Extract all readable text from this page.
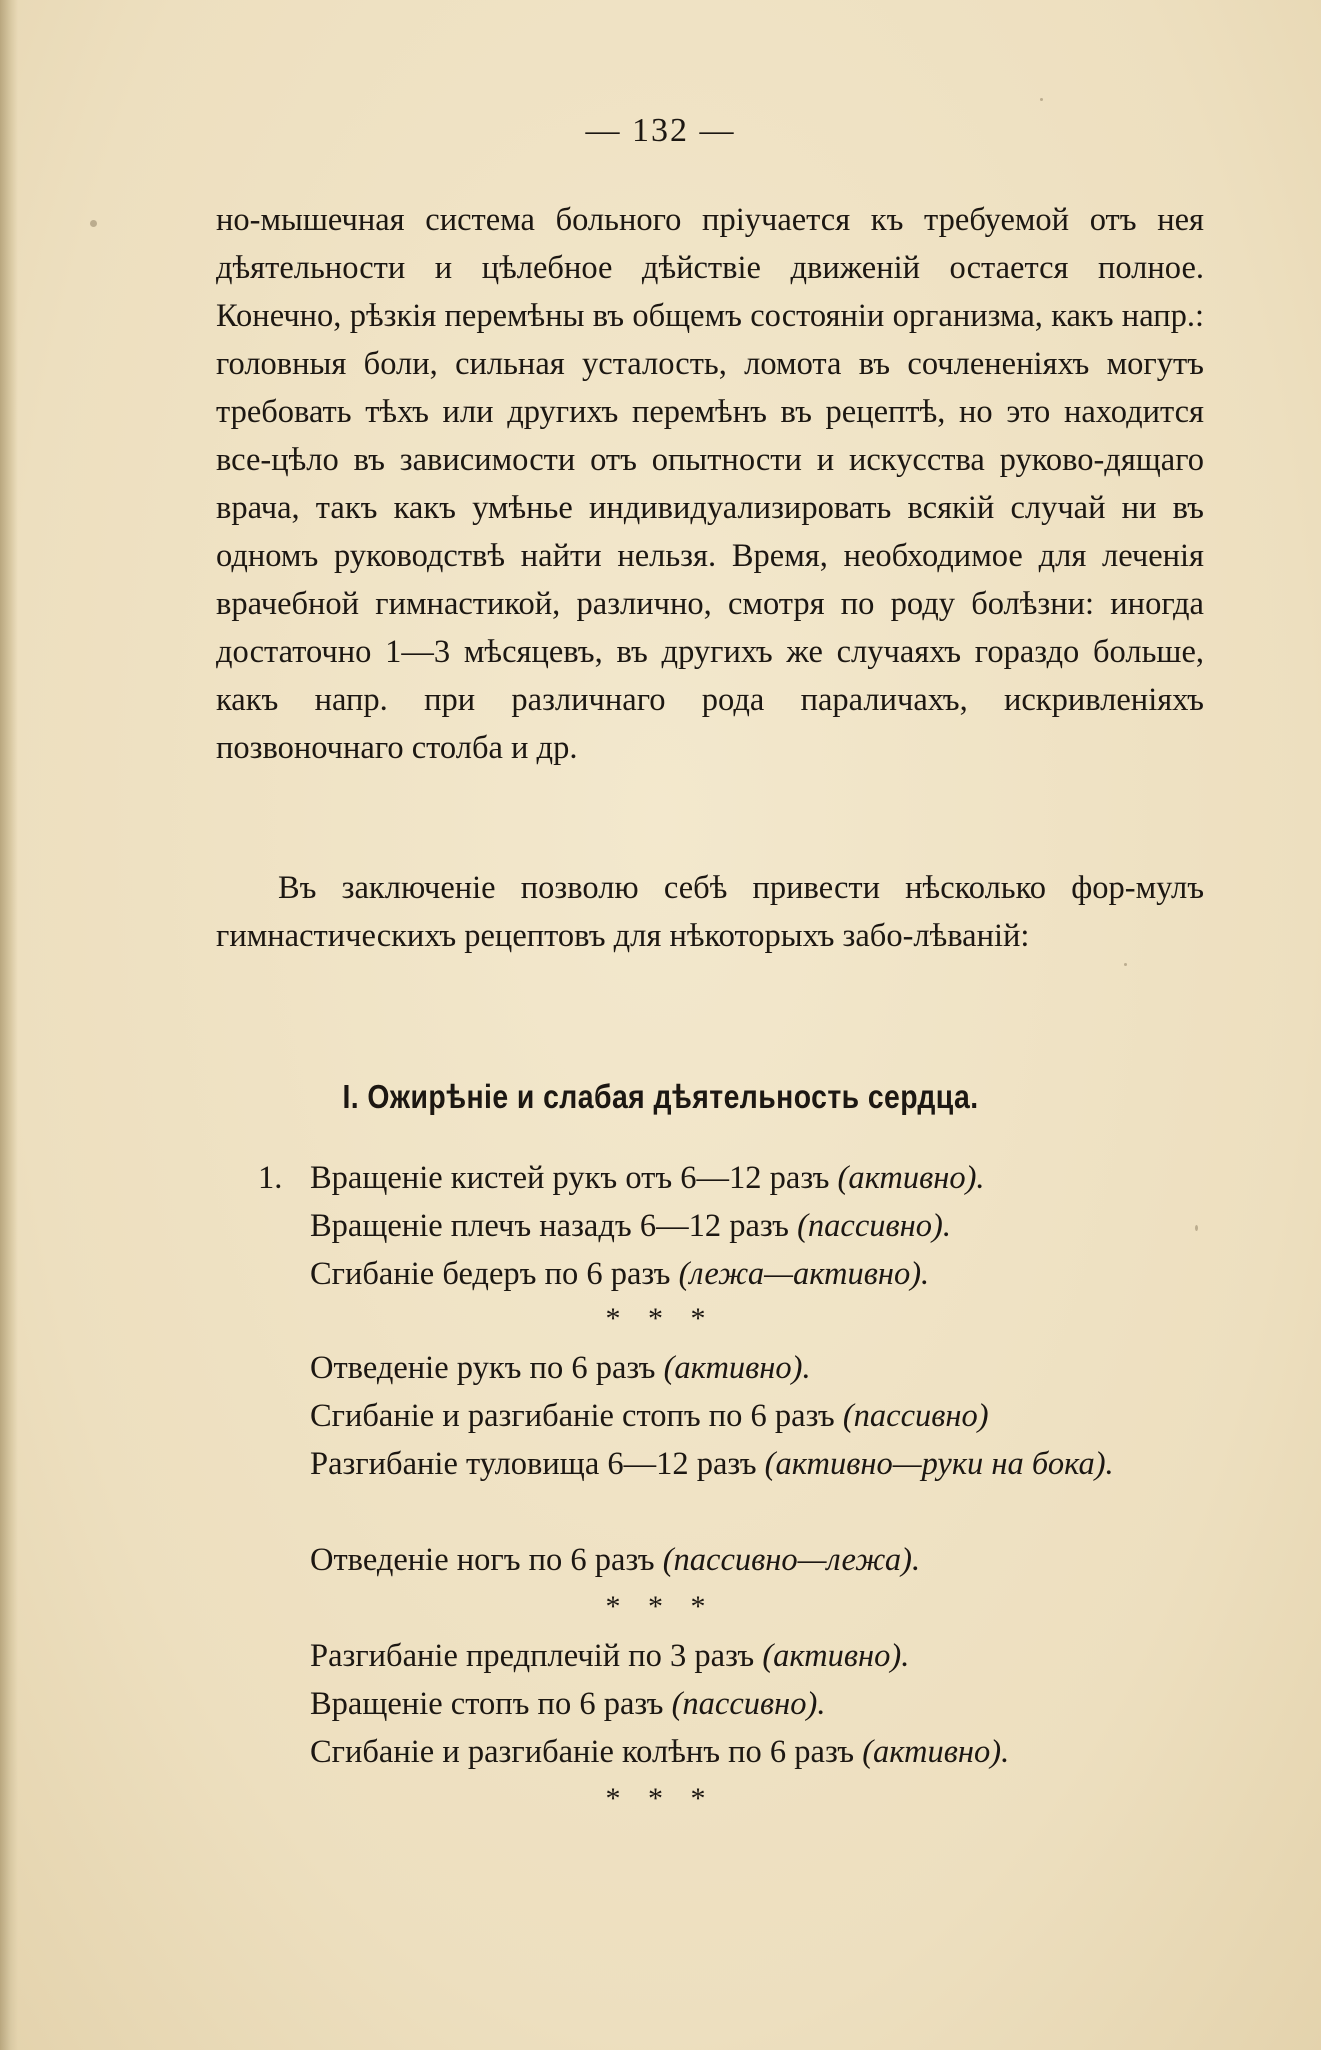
— 132 —

но-мышечная система больного пріучается къ требуемой отъ нея дѣятельности и цѣлебное дѣйствіе движеній остается полное. Конечно, рѣзкія перемѣны въ общемъ состояніи организма, какъ напр.: головныя боли, сильная усталость, ломота въ сочлененіяхъ могутъ требовать тѣхъ или другихъ перемѣнъ въ рецептѣ, но это находится все-цѣло въ зависимости отъ опытности и искусства руково-дящаго врача, такъ какъ умѣнье индивидуализировать всякій случай ни въ одномъ руководствѣ найти нельзя. Время, необходимое для леченія врачебной гимнастикой, различно, смотря по роду болѣзни: иногда достаточно 1—3 мѣсяцевъ, въ другихъ же случаяхъ гораздо больше, какъ напр. при различнаго рода параличахъ, искривленіяхъ позвоночнаго столба и др.

Въ заключеніе позволю себѣ привести нѣсколько фор-мулъ гимнастическихъ рецептовъ для нѣкоторыхъ забо-лѣваній:

I. Ожирѣніе и слабая дѣятельность сердца.
1. Вращеніе кистей рукъ отъ 6—12 разъ (активно).

Вращеніе плечъ назадъ 6—12 разъ (пассивно).

Сгибаніе бедеръ по 6 разъ (лежа—активно).

* * *

Отведеніе рукъ по 6 разъ (активно).

Сгибаніе и разгибаніе стопъ по 6 разъ (пассивно)

Разгибаніе туловища 6—12 разъ (активно—руки на бока).

Отведеніе ногъ по 6 разъ (пассивно—лежа).

* * *

Разгибаніе предплечій по 3 разъ (активно).

Вращеніе стопъ по 6 разъ (пассивно).

Сгибаніе и разгибаніе колѣнъ по 6 разъ (активно).

* * *
